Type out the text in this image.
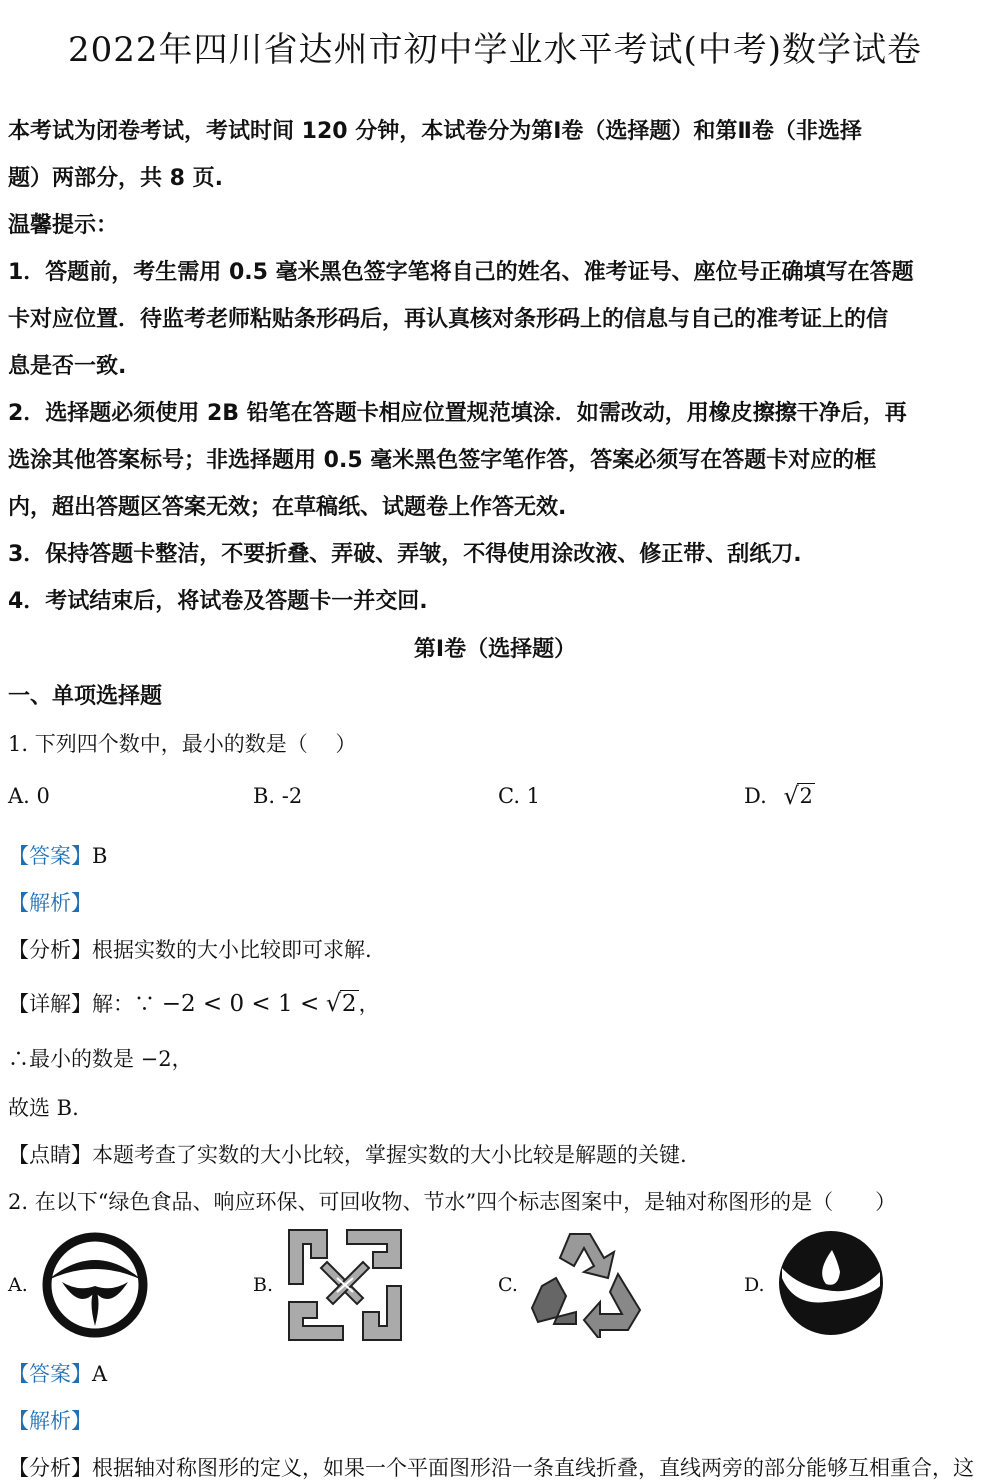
2022年四川省达州市初中学业水平考试(中考)数学试卷
本考试为闭卷考试，考试时间 120 分钟，本试卷分为第Ⅰ卷（选择题）和第Ⅱ卷（非选择
题）两部分，共 8 页.
温馨提示：
1．答题前，考生需用 0.5 毫米黑色签字笔将自己的姓名、准考证号、座位号正确填写在答题
卡对应位置．待监考老师粘贴条形码后，再认真核对条形码上的信息与自己的准考证上的信
息是否一致.
2．选择题必须使用 2B 铅笔在答题卡相应位置规范填涂．如需改动，用橡皮擦擦干净后，再
选涂其他答案标号；非选择题用 0.5 毫米黑色签字笔作答，答案必须写在答题卡对应的框
内，超出答题区答案无效；在草稿纸、试题卷上作答无效.
3．保持答题卡整洁，不要折叠、弄破、弄皱，不得使用涂改液、修正带、刮纸刀.
4．考试结束后，将试卷及答题卡一并交回.
第Ⅰ卷（选择题）
一、单项选择题
1. 下列四个数中，最小的数是（　 ）
A. 0	B. -2	C. 1	D. √ 2
【答案】B
【解析】
【分析】根据实数的大小比较即可求解.
【详解】解：∵ −2 < 0 < 1 < √ 2，
∴最小的数是 −2，
故选 B.
【点睛】本题考查了实数的大小比较，掌握实数的大小比较是解题的关键.
2. 在以下“绿色食品、响应环保、可回收物、节水”四个标志图案中，是轴对称图形的是（　　）
A.	B.	C.	D.
【答案】A
【解析】
【分析】根据轴对称图形的定义，如果一个平面图形沿一条直线折叠，直线两旁的部分能够互相重合，这
